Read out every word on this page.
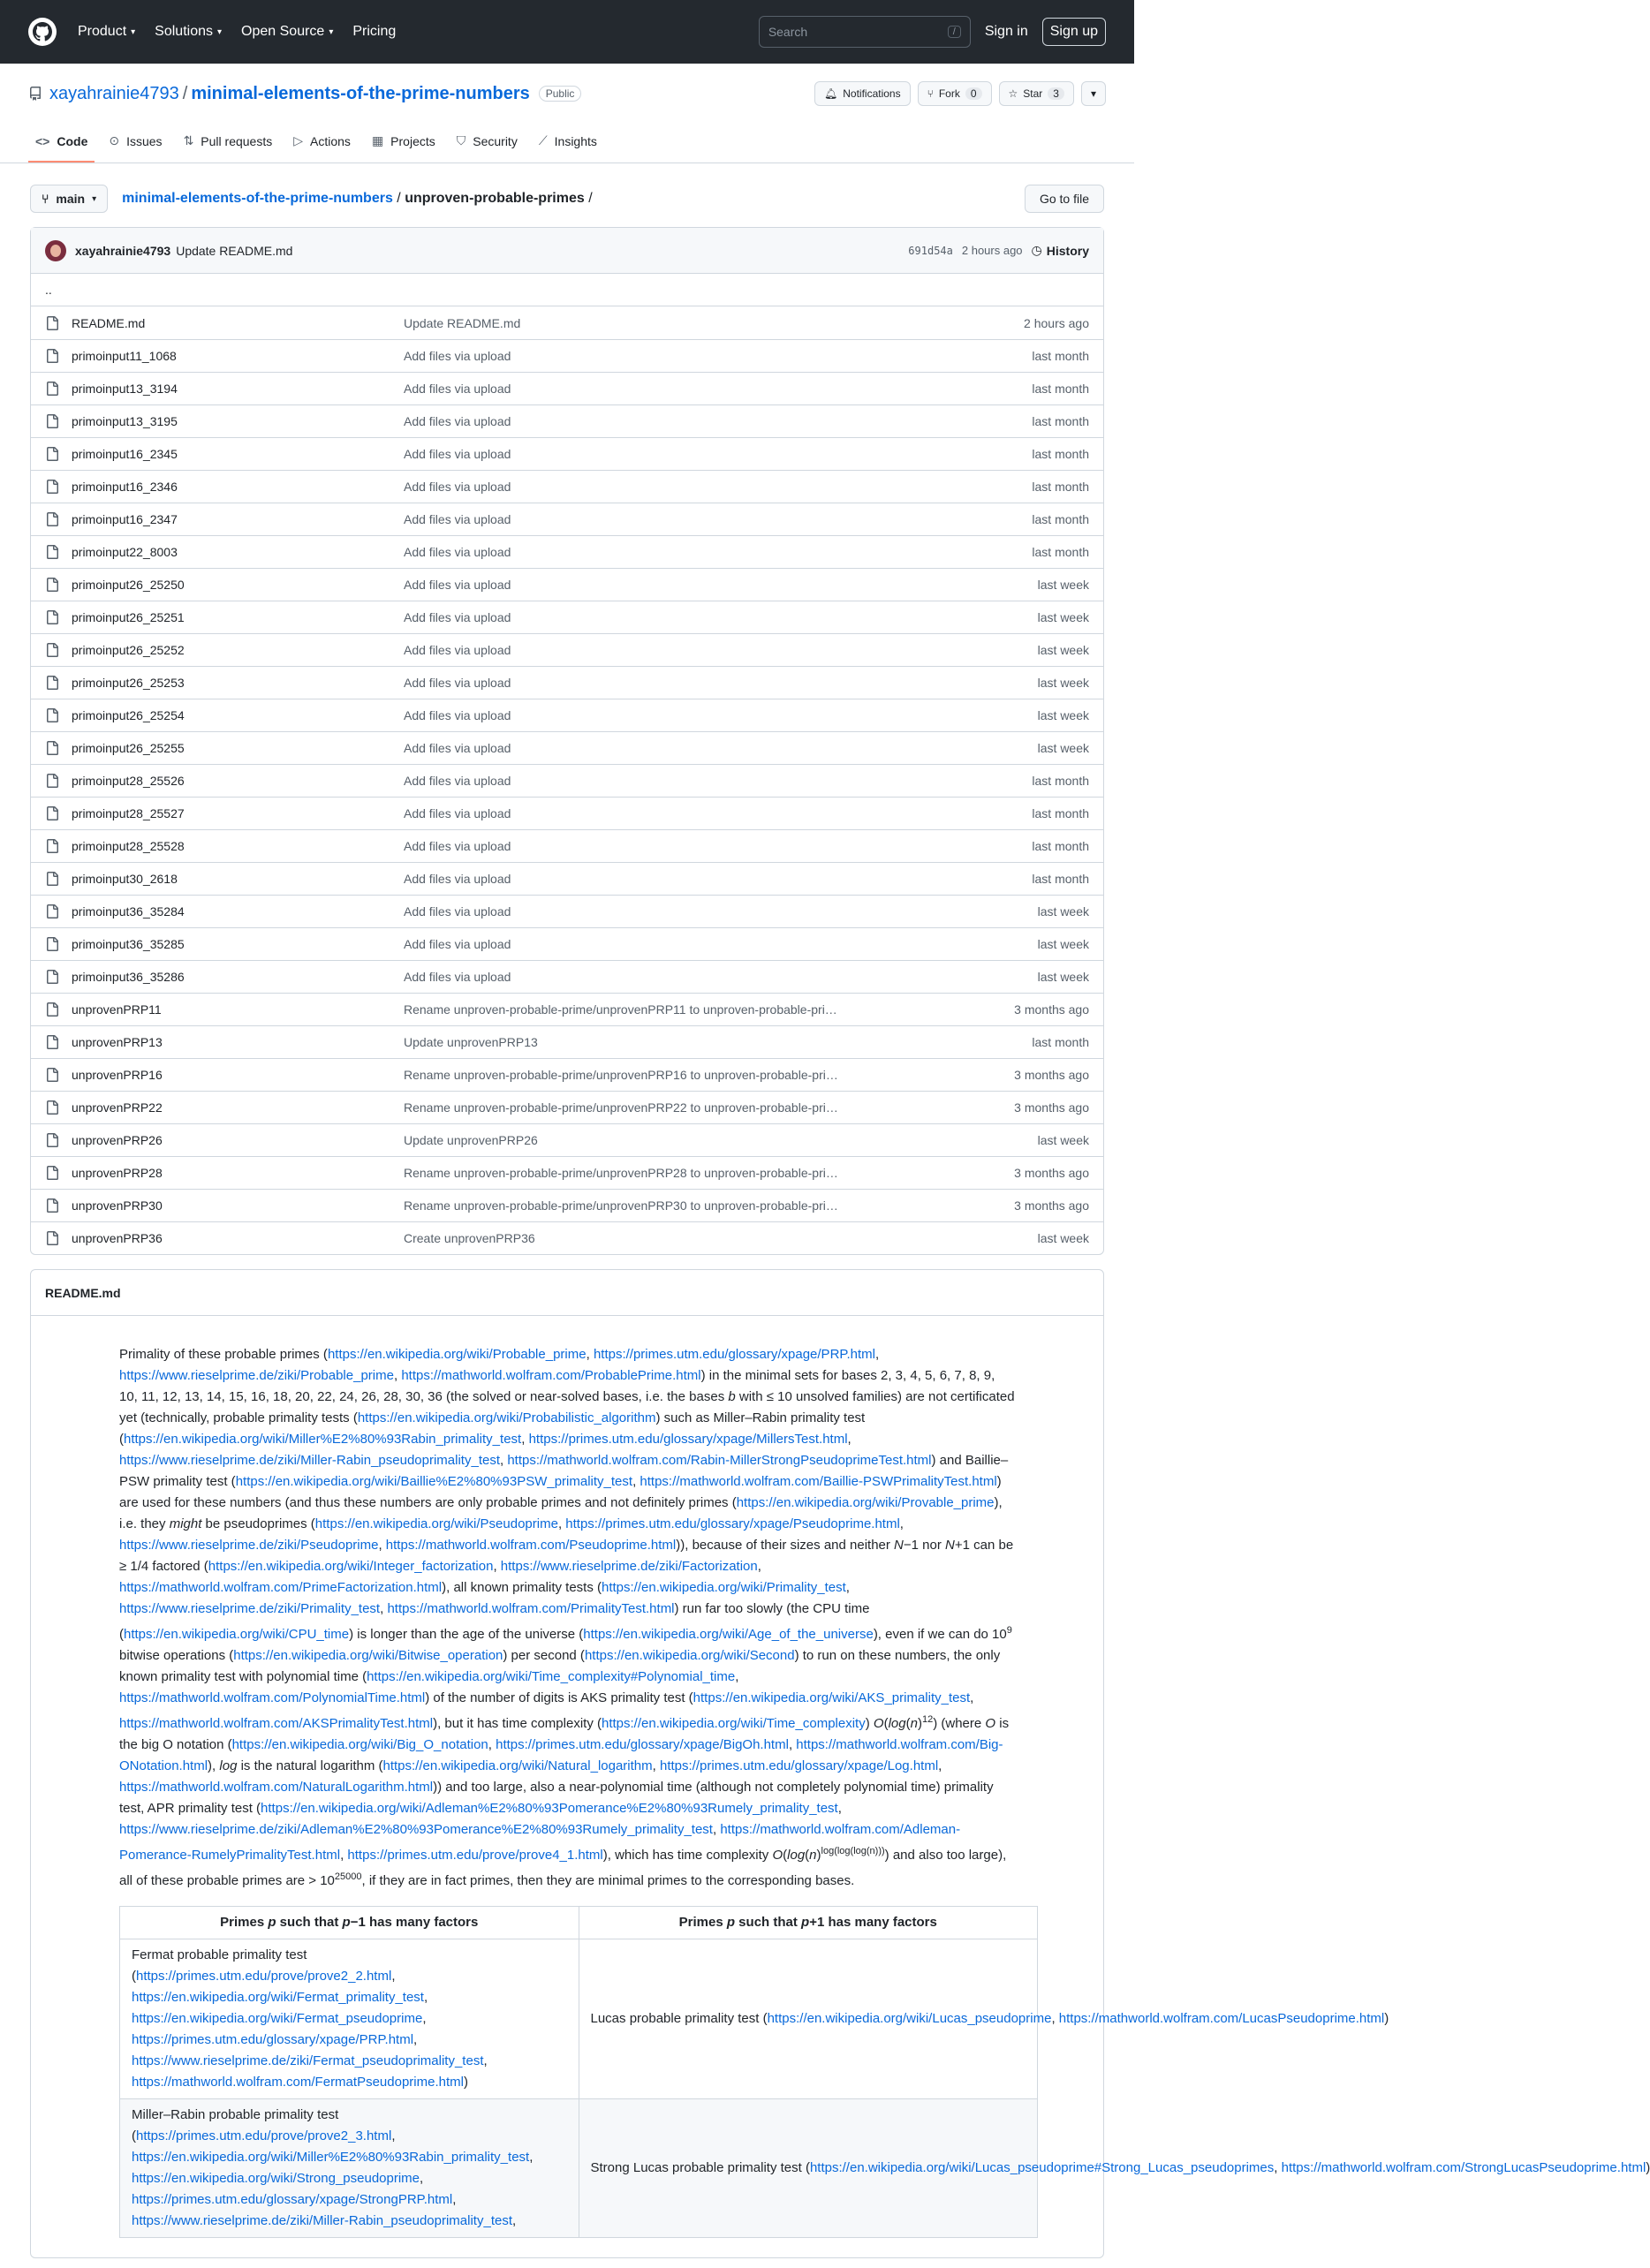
Product ▾ Solutions ▾ Open Source ▾ Pricing	Search	/	Sign in	Sign up
xayahrainie4793 / minimal-elements-of-the-prime-numbers	Public	🔔︎ Notifications	⑂ Fork	0	☆ Star	3	▾
<> Code ⊙ Issues ⇅ Pull requests ▷ Actions ▦ Projects ⛉ Security ⟋ Insights
⑂ main ▾ minimal-elements-of-the-prime-numbers / unproven-probable-primes /	Go to file
xayahrainie4793 Update README.md	691d54a 2 hours ago ◷ History
..
README.md	Update README.md	2 hours ago
primoinput11_1068	Add files via upload	last month
primoinput13_3194	Add files via upload	last month
primoinput13_3195	Add files via upload	last month
primoinput16_2345	Add files via upload	last month
primoinput16_2346	Add files via upload	last month
primoinput16_2347	Add files via upload	last month
primoinput22_8003	Add files via upload	last month
primoinput26_25250	Add files via upload	last week
primoinput26_25251	Add files via upload	last week
primoinput26_25252	Add files via upload	last week
primoinput26_25253	Add files via upload	last week
primoinput26_25254	Add files via upload	last week
primoinput26_25255	Add files via upload	last week
primoinput28_25526	Add files via upload	last month
primoinput28_25527	Add files via upload	last month
primoinput28_25528	Add files via upload	last month
primoinput30_2618	Add files via upload	last month
primoinput36_35284	Add files via upload	last week
primoinput36_35285	Add files via upload	last week
primoinput36_35286	Add files via upload	last week
unprovenPRP11	Rename unproven-probable-prime/unprovenPRP11 to unproven-probable-pri…	3 months ago
unprovenPRP13	Update unprovenPRP13	last month
unprovenPRP16	Rename unproven-probable-prime/unprovenPRP16 to unproven-probable-pri…	3 months ago
unprovenPRP22	Rename unproven-probable-prime/unprovenPRP22 to unproven-probable-pri…	3 months ago
unprovenPRP26	Update unprovenPRP26	last week
unprovenPRP28	Rename unproven-probable-prime/unprovenPRP28 to unproven-probable-pri…	3 months ago
unprovenPRP30	Rename unproven-probable-prime/unprovenPRP30 to unproven-probable-pri…	3 months ago
unprovenPRP36	Create unprovenPRP36	last week
README.md

Primality of these probable primes (https://en.wikipedia.org/wiki/Probable_prime, https://primes.utm.edu/glossary/xpage/PRP.html, https://www.rieselprime.de/ziki/Probable_prime, https://mathworld.wolfram.com/ProbablePrime.html) in the minimal sets for bases 2, 3, 4, 5, 6, 7, 8, 9, 10, 11, 12, 13, 14, 15, 16, 18, 20, 22, 24, 26, 28, 30, 36 (the solved or near-solved bases, i.e. the bases b with ≤ 10 unsolved families) are not certificated yet (technically, probable primality tests (https://en.wikipedia.org/wiki/Probabilistic_algorithm) such as Miller–Rabin primality test (https://en.wikipedia.org/wiki/Miller%E2%80%93Rabin_primality_test, https://primes.utm.edu/glossary/xpage/MillersTest.html, https://www.rieselprime.de/ziki/Miller-Rabin_pseudoprimality_test, https://mathworld.wolfram.com/Rabin-MillerStrongPseudoprimeTest.html) and Baillie–PSW primality test (https://en.wikipedia.org/wiki/Baillie%E2%80%93PSW_primality_test, https://mathworld.wolfram.com/Baillie-PSWPrimalityTest.html) are used for these numbers (and thus these numbers are only probable primes and not definitely primes (https://en.wikipedia.org/wiki/Provable_prime), i.e. they might be pseudoprimes (https://en.wikipedia.org/wiki/Pseudoprime, https://primes.utm.edu/glossary/xpage/Pseudoprime.html, https://www.rieselprime.de/ziki/Pseudoprime, https://mathworld.wolfram.com/Pseudoprime.html)), because of their sizes and neither N−1 nor N+1 can be ≥ 1/4 factored (https://en.wikipedia.org/wiki/Integer_factorization, https://www.rieselprime.de/ziki/Factorization, https://mathworld.wolfram.com/PrimeFactorization.html), all known primality tests (https://en.wikipedia.org/wiki/Primality_test, https://www.rieselprime.de/ziki/Primality_test, https://mathworld.wolfram.com/PrimalityTest.html) run far too slowly (the CPU time (https://en.wikipedia.org/wiki/CPU_time) is longer than the age of the universe (https://en.wikipedia.org/wiki/Age_of_the_universe), even if we can do $10^9$ bitwise operations (https://en.wikipedia.org/wiki/Bitwise_operation) per second (https://en.wikipedia.org/wiki/Second) to run on these numbers, the only known primality test with polynomial time (https://en.wikipedia.org/wiki/Time_complexity#Polynomial_time, https://mathworld.wolfram.com/PolynomialTime.html) of the number of digits is AKS primality test (https://en.wikipedia.org/wiki/AKS_primality_test, https://mathworld.wolfram.com/AKSPrimalityTest.html), but it has time complexity (https://en.wikipedia.org/wiki/Time_complexity) $O(\log(n)^{12})$ (where O is the big O notation (https://en.wikipedia.org/wiki/Big_O_notation, https://primes.utm.edu/glossary/xpage/BigOh.html, https://mathworld.wolfram.com/Big-ONotation.html), log is the natural logarithm (https://en.wikipedia.org/wiki/Natural_logarithm, https://primes.utm.edu/glossary/xpage/Log.html, https://mathworld.wolfram.com/NaturalLogarithm.html)) and too large, also a near-polynomial time (although not completely polynomial time) primality test, APR primality test (https://en.wikipedia.org/wiki/Adleman%E2%80%93Pomerance%E2%80%93Rumely_primality_test, https://www.rieselprime.de/ziki/Adleman%E2%80%93Pomerance%E2%80%93Rumely_primality_test, https://mathworld.wolfram.com/Adleman-Pomerance-RumelyPrimalityTest.html, https://primes.utm.edu/prove/prove4_1.html), which has time complexity $O(\log(n)^{log(log(log(n)))})$ and also too large), all of these probable primes are > $10^{25000}$, if they are in fact primes, then they are minimal primes to the corresponding bases.

Primes p such that p−1 has many factors	Primes p such that p+1 has many factors
Fermat probable primality test (https://primes.utm.edu/prove/prove2_2.html, https://en.wikipedia.org/wiki/Fermat_primality_test, https://en.wikipedia.org/wiki/Fermat_pseudoprime, https://primes.utm.edu/glossary/xpage/PRP.html, https://www.rieselprime.de/ziki/Fermat_pseudoprimality_test, https://mathworld.wolfram.com/FermatPseudoprime.html)	Lucas probable primality test (https://en.wikipedia.org/wiki/Lucas_pseudoprime, https://mathworld.wolfram.com/LucasPseudoprime.html)
Miller–Rabin probable primality test (https://primes.utm.edu/prove/prove2_3.html, https://en.wikipedia.org/wiki/Miller%E2%80%93Rabin_primality_test, https://en.wikipedia.org/wiki/Strong_pseudoprime, https://primes.utm.edu/glossary/xpage/StrongPRP.html, https://www.rieselprime.de/ziki/Miller-Rabin_pseudoprimality_test,	Strong Lucas probable primality test (https://en.wikipedia.org/wiki/Lucas_pseudoprime#Strong_Lucas_pseudoprimes, https://mathworld.wolfram.com/StrongLucasPseudoprime.html)
